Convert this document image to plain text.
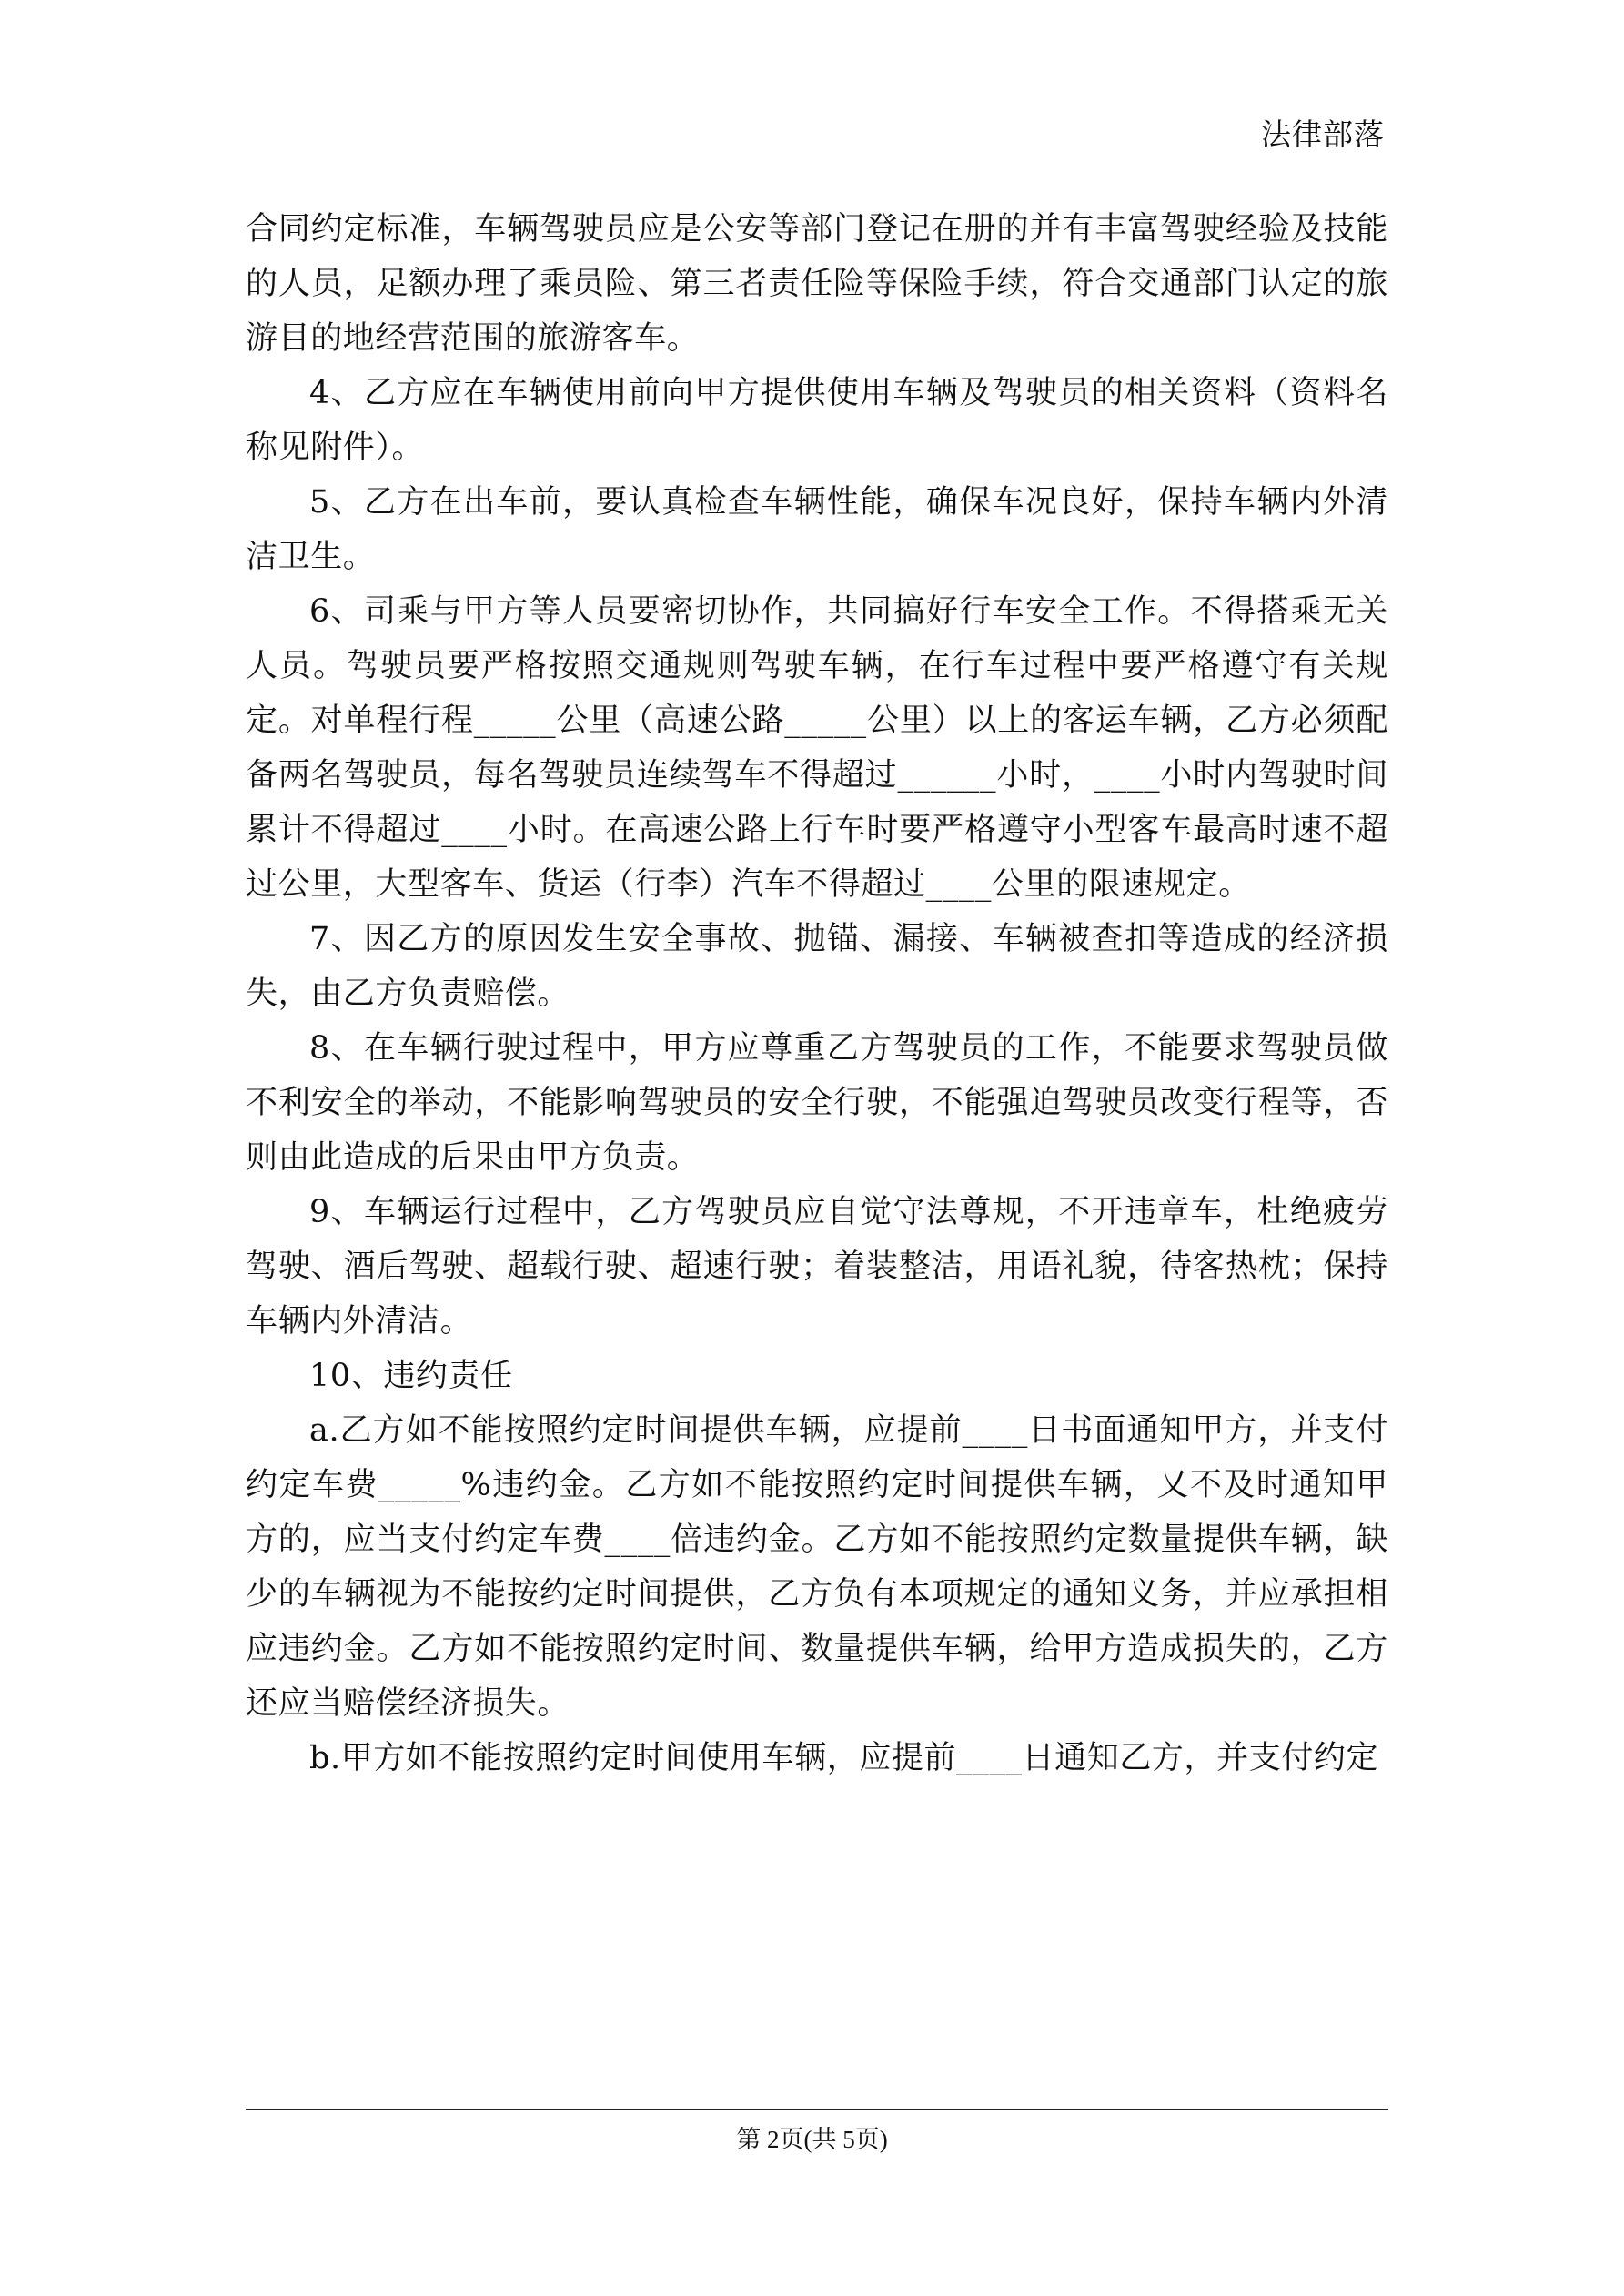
法律部落

合同约定标准，车辆驾驶员应是公安等部门登记在册的并有丰富驾驶经验及技能的人员，足额办理了乘员险、第三者责任险等保险手续，符合交通部门认定的旅游目的地经营范围的旅游客车。

4、乙方应在车辆使用前向甲方提供使用车辆及驾驶员的相关资料（资料名称见附件）。

5、乙方在出车前，要认真检查车辆性能，确保车况良好，保持车辆内外清洁卫生。

6、司乘与甲方等人员要密切协作，共同搞好行车安全工作。不得搭乘无关人员。驾驶员要严格按照交通规则驾驶车辆，在行车过程中要严格遵守有关规定。对单程行程_____公里（高速公路_____公里）以上的客运车辆，乙方必须配备两名驾驶员，每名驾驶员连续驾车不得超过______小时，____小时内驾驶时间累计不得超过____小时。在高速公路上行车时要严格遵守小型客车最高时速不超过公里，大型客车、货运（行李）汽车不得超过____公里的限速规定。

7、因乙方的原因发生安全事故、抛锚、漏接、车辆被查扣等造成的经济损失，由乙方负责赔偿。

8、在车辆行驶过程中，甲方应尊重乙方驾驶员的工作，不能要求驾驶员做不利安全的举动，不能影响驾驶员的安全行驶，不能强迫驾驶员改变行程等，否则由此造成的后果由甲方负责。

9、车辆运行过程中，乙方驾驶员应自觉守法尊规，不开违章车，杜绝疲劳驾驶、酒后驾驶、超载行驶、超速行驶；着装整洁，用语礼貌，待客热枕；保持车辆内外清洁。

10、违约责任

a.乙方如不能按照约定时间提供车辆，应提前____日书面通知甲方，并支付约定车费_____%违约金。乙方如不能按照约定时间提供车辆，又不及时通知甲方的，应当支付约定车费____倍违约金。乙方如不能按照约定数量提供车辆，缺少的车辆视为不能按约定时间提供，乙方负有本项规定的通知义务，并应承担相应违约金。乙方如不能按照约定时间、数量提供车辆，给甲方造成损失的，乙方还应当赔偿经济损失。

b.甲方如不能按照约定时间使用车辆，应提前____日通知乙方，并支付约定

第 2页(共 5页)
